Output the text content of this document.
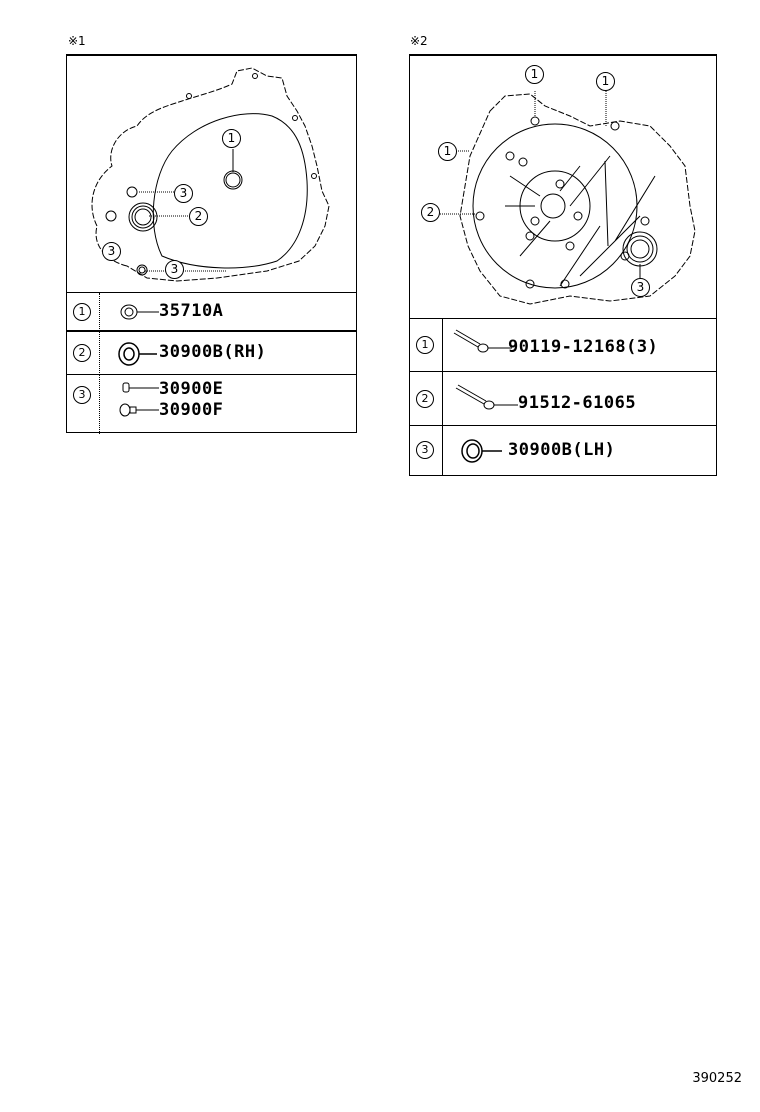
※1
1
3
2
3
3
1	35710A
2	30900B(RH)
3	30900E
30900F
※2
1	1
1
2
3
1	90119-12168(3)
2	91512-61065
3	30900B(LH)
390252
